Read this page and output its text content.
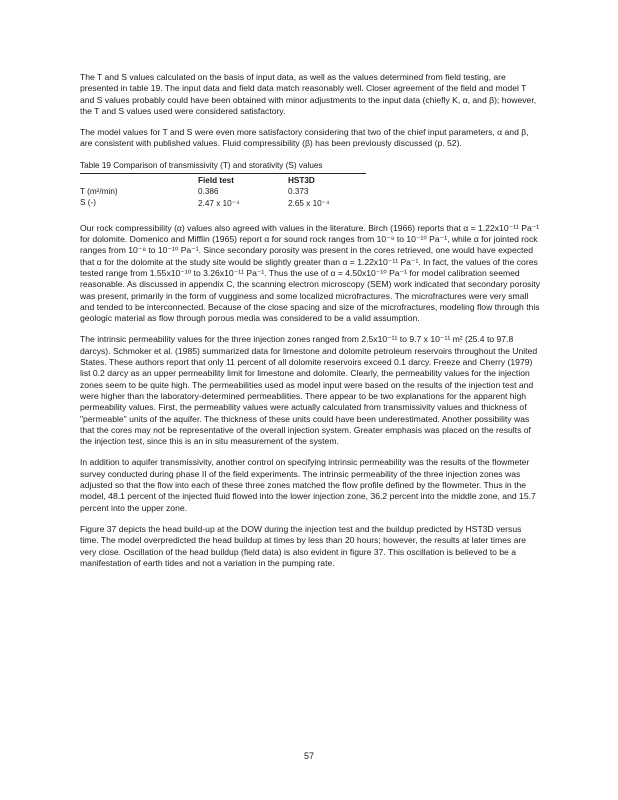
The T and S values calculated on the basis of input data, as well as the values determined from field testing, are presented in table 19. The input data and field data match reasonably well. Closer agreement of the field and model T and S values probably could have been obtained with minor adjustments to the input data (chiefly K, α, and β); however, the T and S values used were considered satisfactory.

The model values for T and S were even more satisfactory considering that two of the chief input parameters, α and β, are consistent with published values. Fluid compressibility (β) has been previously discussed (p. 52).

Table 19 Comparison of transmissivity (T) and storativity (S) values
	Field test	HST3D
T (m²/min)	0.386	0.373
S (-)	2.47 x 10⁻⁴	2.65 x 10⁻⁴

Our rock compressibility (α) values also agreed with values in the literature. Birch (1966) reports that α = 1.22x10⁻¹¹ Pa⁻¹ for dolomite. Domenico and Mifflin (1965) report α for sound rock ranges from 10⁻⁹ to 10⁻¹⁰ Pa⁻¹, while α for jointed rock ranges from 10⁻⁸ to 10⁻¹⁰ Pa⁻¹. Since secondary porosity was present in the cores retrieved, one would have expected that α for the dolomite at the study site would be slightly greater than α = 1.22x10⁻¹¹ Pa⁻¹. In fact, the values of the cores tested range from 1.55x10⁻¹⁰ to 3.26x10⁻¹¹ Pa⁻¹. Thus the use of α = 4.50x10⁻¹⁰ Pa⁻¹ for model calibration seemed reasonable. As discussed in appendix C, the scanning electron microscopy (SEM) work indicated that secondary porosity was present, primarily in the form of vugginess and some localized microfractures. The microfractures were very small and tended to be interconnected. Because of the close spacing and size of the microfractures, modeling flow through this geologic material as flow through porous media was considered to be a valid assumption.

The intrinsic permeability values for the three injection zones ranged from 2.5x10⁻¹¹ to 9.7 x 10⁻¹¹ m² (25.4 to 97.8 darcys). Schmoker et al. (1985) summarized data for limestone and dolomite petroleum reservoirs throughout the United States. These authors report that only 11 percent of all dolomite reservoirs exceed 0.1 darcy. Freeze and Cherry (1979) list 0.2 darcy as an upper permeability limit for limestone and dolomite. Clearly, the permeability values for the injection zones seem to be quite high. The permeabilities used as model input were based on the results of the injection test and were higher than the laboratory-determined permeabilities. There appear to be two explanations for the apparent high permeability values. First, the permeability values were actually calculated from transmissivity values and thickness of "permeable" units of the aquifer. The thickness of these units could have been underestimated. Another possibility was that the cores may not be representative of the overall injection system. Greater emphasis was placed on the results of the injection test, since this is an in situ measurement of the system.

In addition to aquifer transmissivity, another control on specifying intrinsic permeability was the results of the flowmeter survey conducted during phase II of the field experiments. The intrinsic permeability of the three injection zones was adjusted so that the flow into each of these three zones matched the flow profile defined by the flowmeter. Thus in the model, 48.1 percent of the injected fluid flowed into the lower injection zone, 36.2 percent into the middle zone, and 15.7 percent into the upper zone.

Figure 37 depicts the head build-up at the DOW during the injection test and the buildup predicted by HST3D versus time. The model overpredicted the head buildup at times by less than 20 hours; however, the results at later times are very close. Oscillation of the head buildup (field data) is also evident in figure 37. This oscillation is believed to be a manifestation of earth tides and not a variation in the pumping rate.

57
